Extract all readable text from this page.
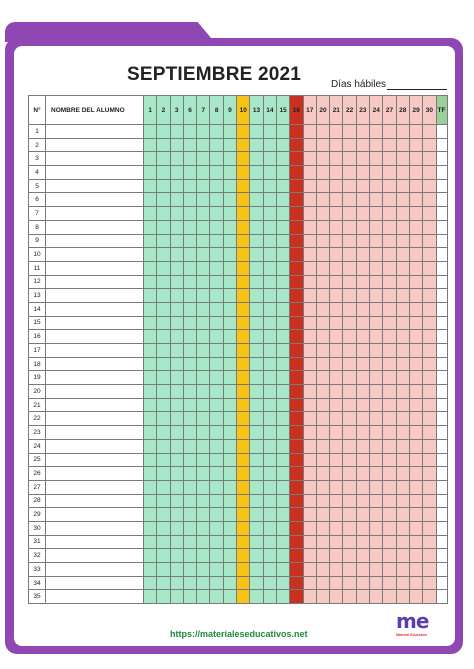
SEPTIEMBRE 2021	Días hábiles
N°	NOMBRE DEL ALUMNO	1	2	3	6	7	8	9	10	13	14	15	16	17	20	21	22	23	24	27	28	29	30	TF
1																								
2																								
3																								
4																								
5																								
6																								
7																								
8																								
9																								
10																								
11																								
12																								
13																								
14																								
15																								
16																								
17																								
18																								
19																								
20																								
21																								
22																								
23																								
24																								
25																								
26																								
27																								
28																								
29																								
30																								
31																								
32																								
33																								
34																								
35																								
https://materialeseducativos.net
me
Material Educativo
